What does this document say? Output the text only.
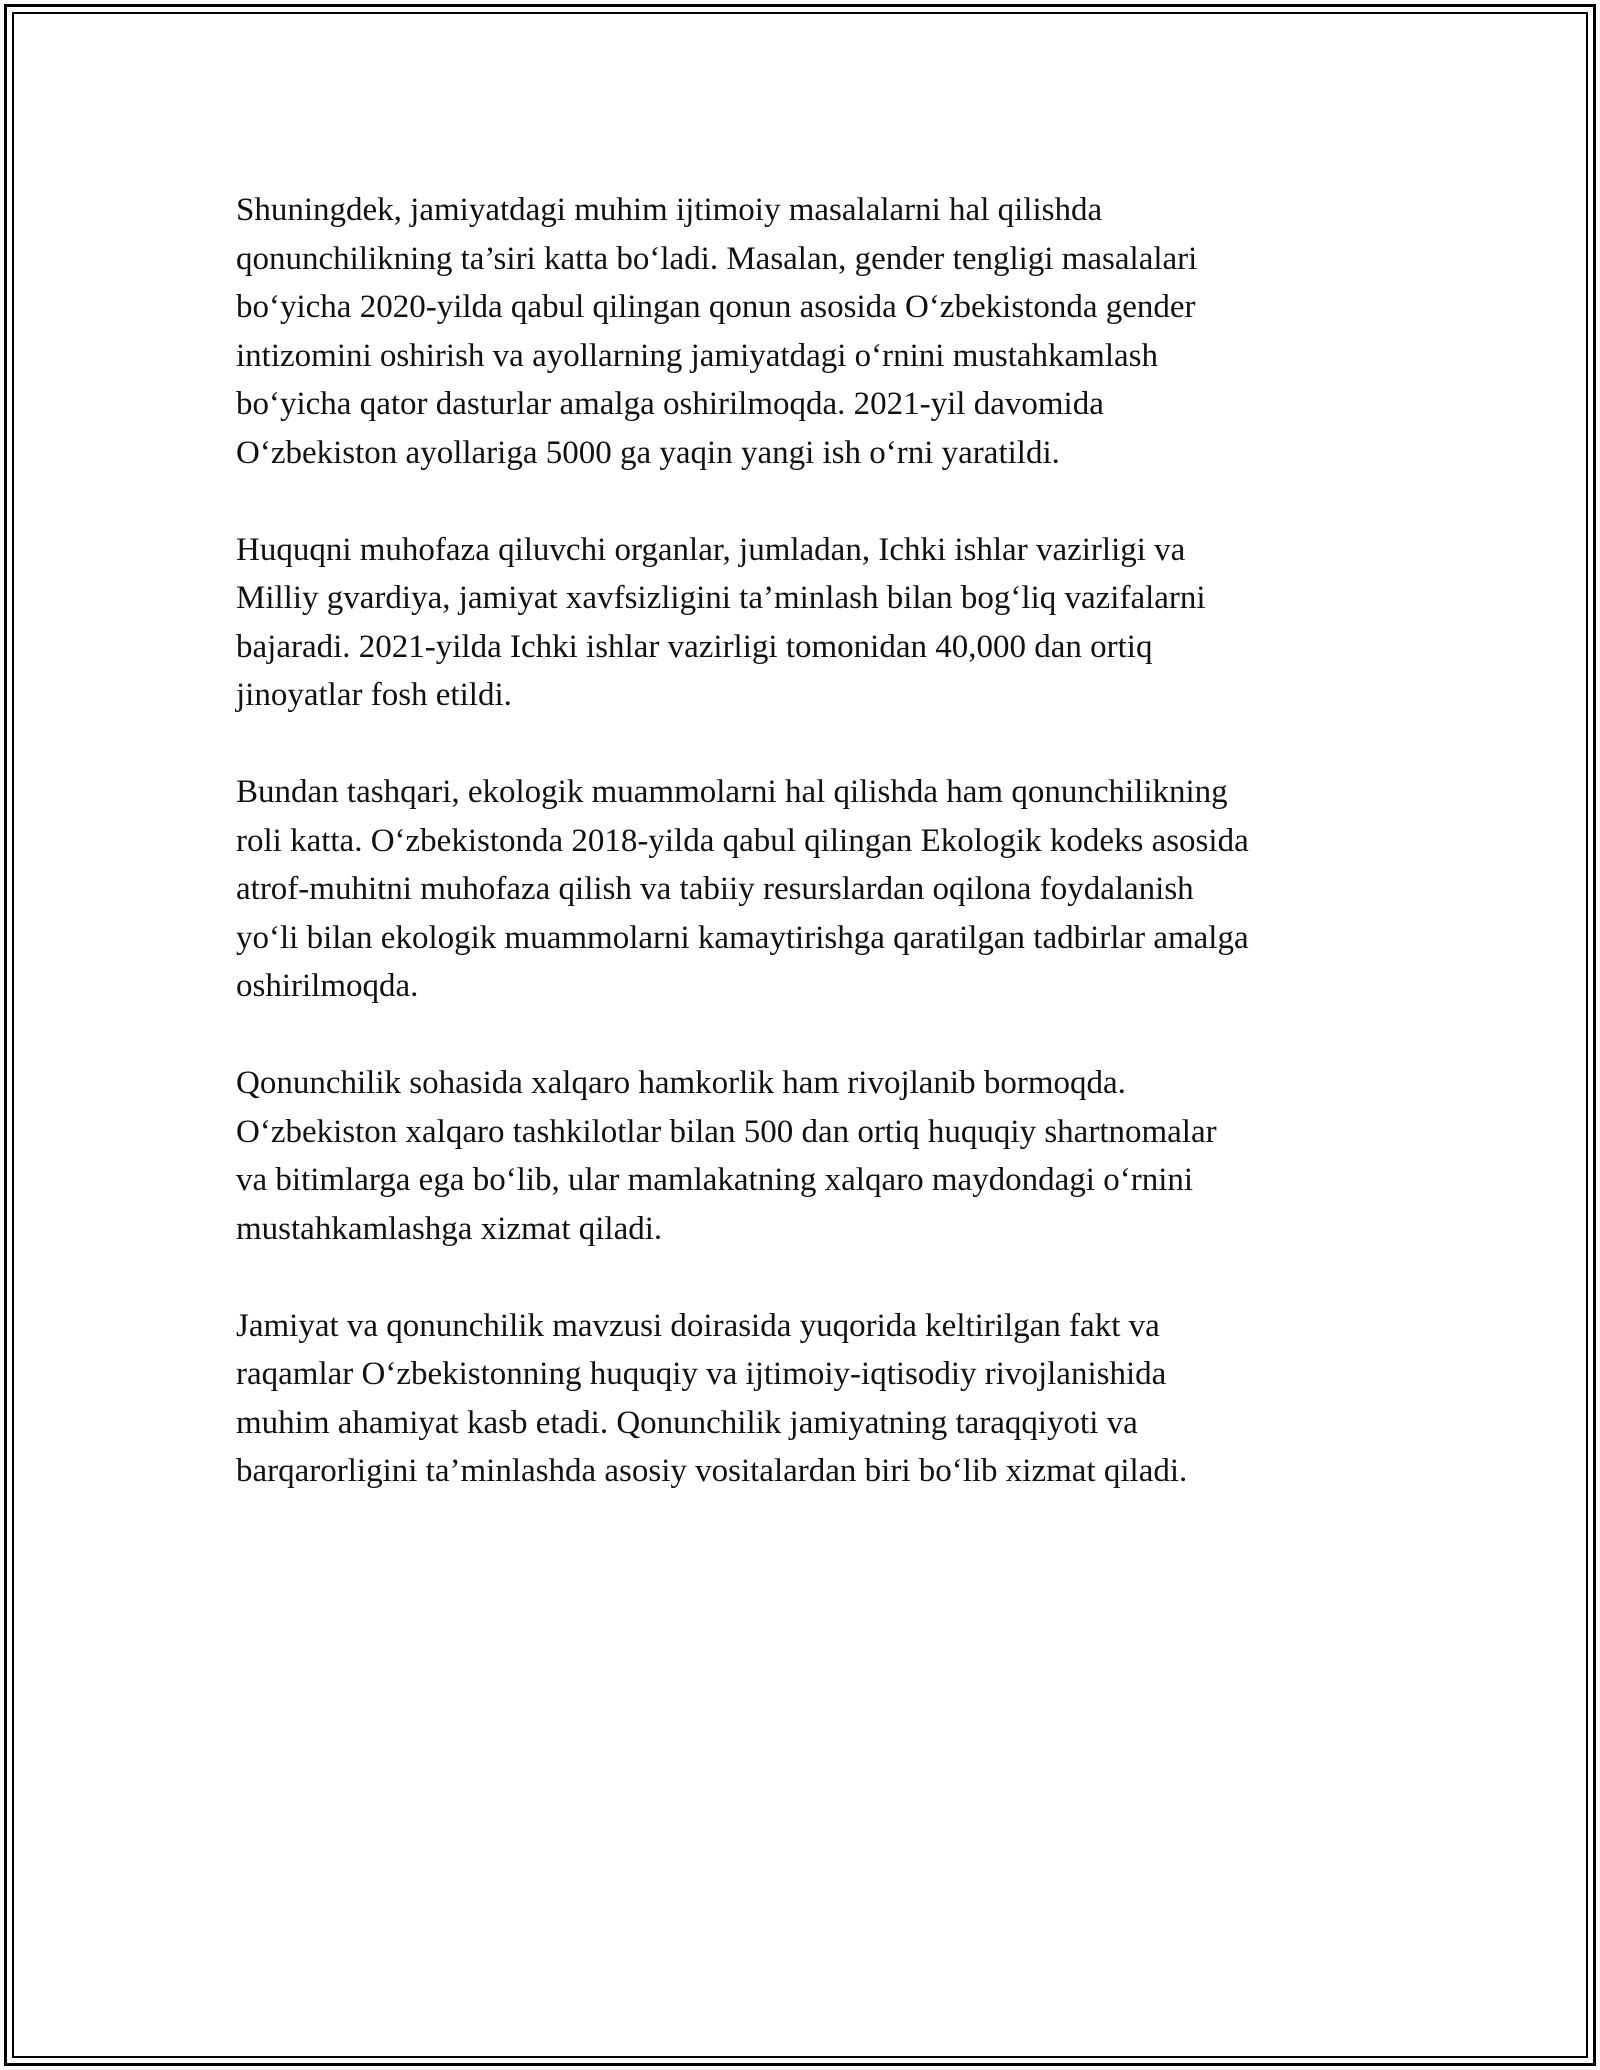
Shuningdek, jamiyatdagi muhim ijtimoiy masalalarni hal qilishda
qonunchilikning ta’siri katta bo‘ladi. Masalan, gender tengligi masalalari
bo‘yicha 2020-yilda qabul qilingan qonun asosida O‘zbekistonda gender
intizomini oshirish va ayollarning jamiyatdagi o‘rnini mustahkamlash
bo‘yicha qator dasturlar amalga oshirilmoqda. 2021-yil davomida
O‘zbekiston ayollariga 5000 ga yaqin yangi ish o‘rni yaratildi.

Huquqni muhofaza qiluvchi organlar, jumladan, Ichki ishlar vazirligi va
Milliy gvardiya, jamiyat xavfsizligini ta’minlash bilan bog‘liq vazifalarni
bajaradi. 2021-yilda Ichki ishlar vazirligi tomonidan 40,000 dan ortiq
jinoyatlar fosh etildi.

Bundan tashqari, ekologik muammolarni hal qilishda ham qonunchilikning
roli katta. O‘zbekistonda 2018-yilda qabul qilingan Ekologik kodeks asosida
atrof-muhitni muhofaza qilish va tabiiy resurslardan oqilona foydalanish
yo‘li bilan ekologik muammolarni kamaytirishga qaratilgan tadbirlar amalga
oshirilmoqda.

Qonunchilik sohasida xalqaro hamkorlik ham rivojlanib bormoqda.
O‘zbekiston xalqaro tashkilotlar bilan 500 dan ortiq huquqiy shartnomalar
va bitimlarga ega bo‘lib, ular mamlakatning xalqaro maydondagi o‘rnini
mustahkamlashga xizmat qiladi.

Jamiyat va qonunchilik mavzusi doirasida yuqorida keltirilgan fakt va
raqamlar O‘zbekistonning huquqiy va ijtimoiy-iqtisodiy rivojlanishida
muhim ahamiyat kasb etadi. Qonunchilik jamiyatning taraqqiyoti va
barqarorligini ta’minlashda asosiy vositalardan biri bo‘lib xizmat qiladi.
